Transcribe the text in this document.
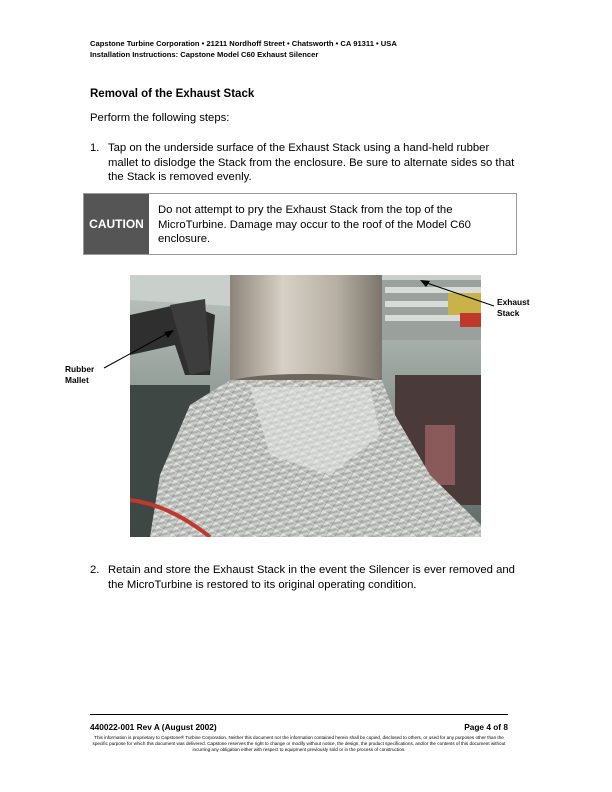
Capstone Turbine Corporation • 21211 Nordhoff Street • Chatsworth • CA 91311 • USA
Installation Instructions: Capstone Model C60 Exhaust Silencer
Removal of the Exhaust Stack
Perform the following steps:
1. Tap on the underside surface of the Exhaust Stack using a hand-held rubber mallet to dislodge the Stack from the enclosure. Be sure to alternate sides so that the Stack is removed evenly.
CAUTION
Do not attempt to pry the Exhaust Stack from the top of the MicroTurbine. Damage may occur to the roof of the Model C60 enclosure.
Exhaust
Stack
Rubber
Mallet
2. Retain and store the Exhaust Stack in the event the Silencer is ever removed and the MicroTurbine is restored to its original operating condition.
440022-001 Rev A (August 2002)	Page 4 of 8
This information is proprietary to Capstone® Turbine Corporation. Neither this document nor the information contained herein shall be copied, disclosed to others, or used for any purposes other than the specific purpose for which this document was delivered. Capstone reserves the right to change or modify without notice, the design, the product specifications, and/or the contents of this document without incurring any obligation either with respect to equipment previously sold or in the process of construction.
